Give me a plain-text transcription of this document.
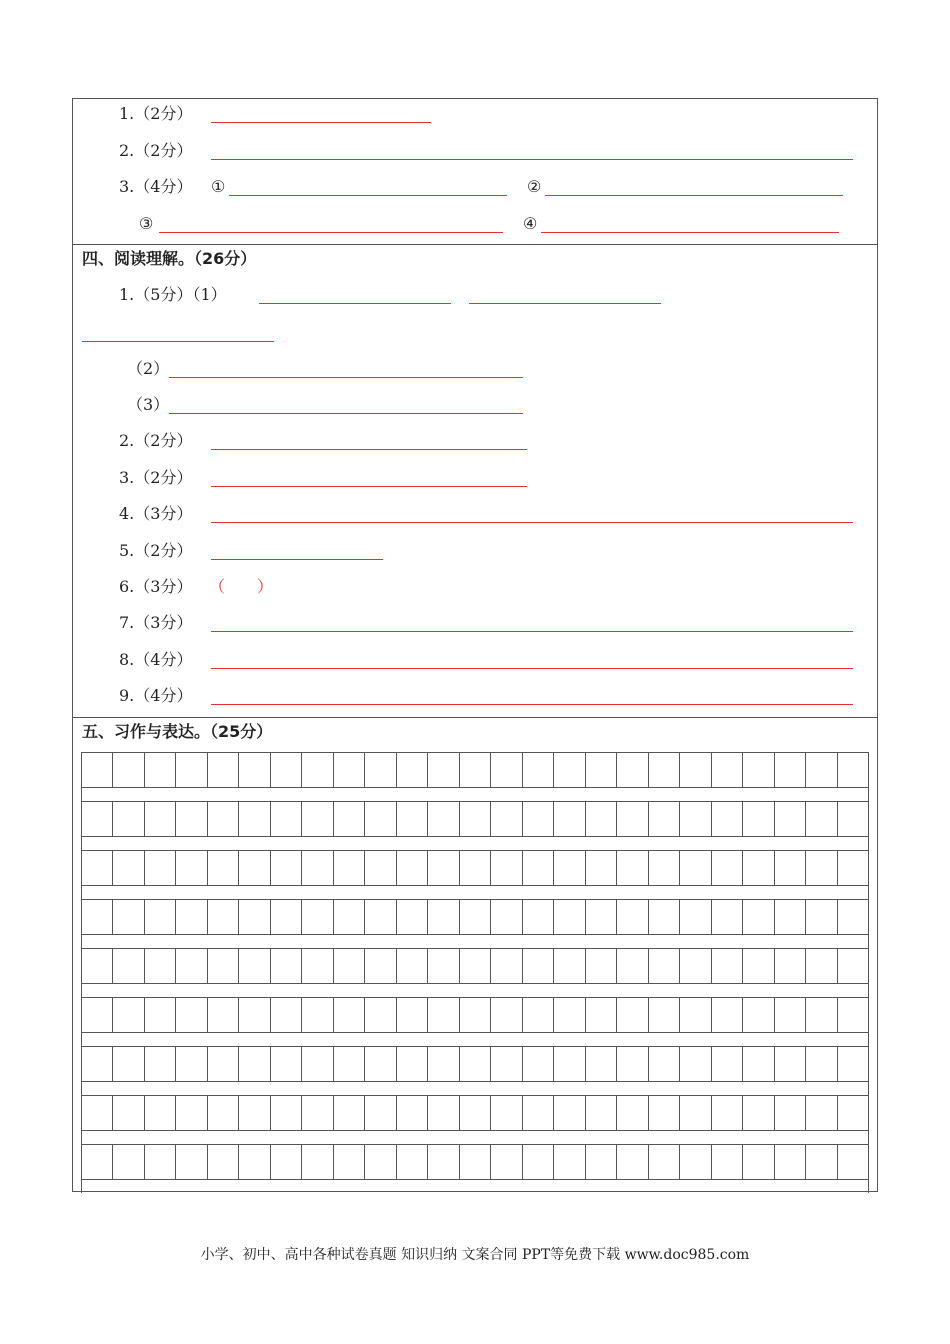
1.（2分）
2.（2分）
3.（4分） ①	②
③	④
四、阅读理解。（26分）
1.（5分）（1）
（2）
（3）
2.（2分）
3.（2分）
4.（3分）
5.（2分）
6.（3分） （　　）
7.（3分）
8.（4分）
9.（4分）
五、习作与表达。（25分）
小学、初中、高中各种试卷真题 知识归纳 文案合同 PPT等免费下载 www.doc985.com
